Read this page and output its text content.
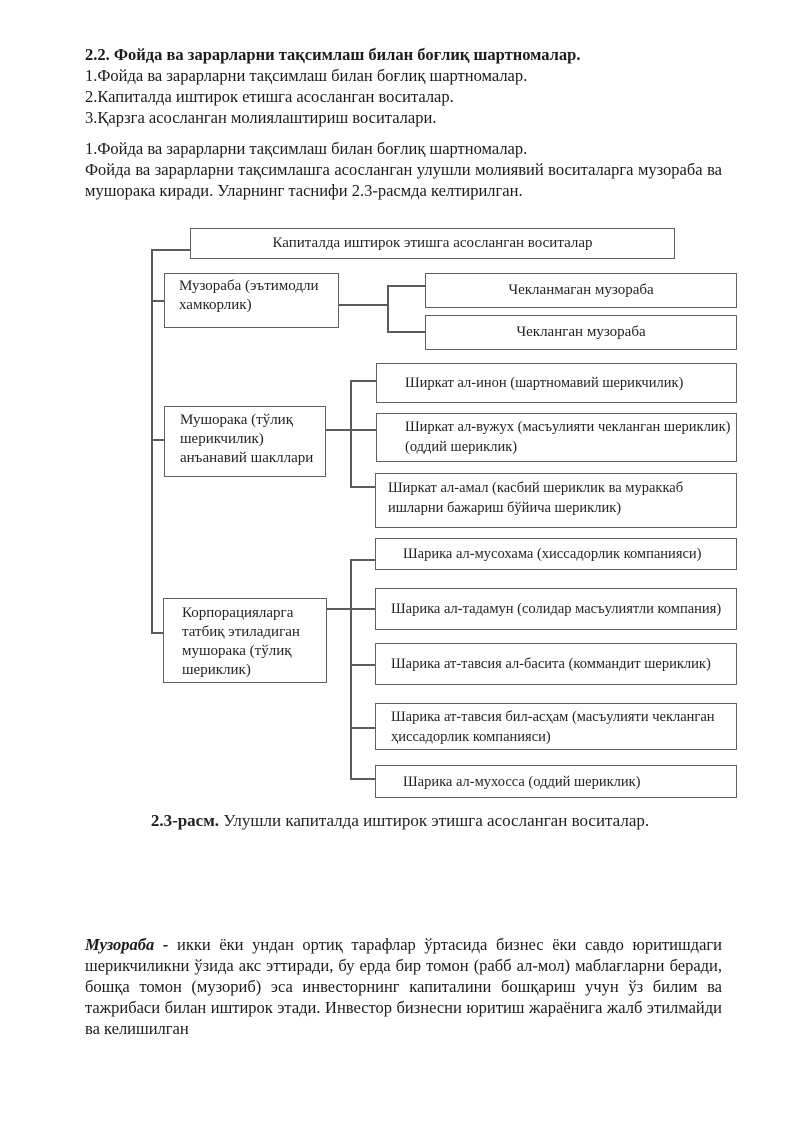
2.2. Фойда ва зарарларни тақсимлаш билан боғлиқ шартномалар.

1.Фойда ва зарарларни тақсимлаш билан боғлиқ шартномалар.

2.Капиталда иштирок етишга асосланган воситалар.

3.Қарзга асосланган молиялаштириш воситалари.

1.Фойда ва зарарларни тақсимлаш билан боғлиқ шартномалар.

Фойда ва зарарларни тақсимлашга асосланган улушли молиявий воситаларга музораба ва мушорака киради. Уларнинг таснифи 2.3-расмда келтирилган.

Капиталда иштирок этишга асосланган воситалар
Музораба (эътимодли хамкорлик)
Чекланмаган музораба
Чекланган музораба
Ширкат ал-инон (шартномавий шерикчилик)
Ширкат ал-вужух (масъулияти чекланган шериклик) (оддий шериклик)
Ширкат ал-амал (касбий шериклик ва мураккаб ишларни бажариш бўйича шериклик)
Мушорака (тўлиқ шерикчилик) анъанавий шакллари
Корпорацияларга татбиқ этиладиган мушорака (тўлиқ шериклик)
Шарика ал-мусохама (хиссадорлик компанияси)
Шарика ал-тадамун (солидар масъулиятли компания)
Шарика ат-тавсия ал-басита (коммандит шериклик)
Шарика ат-тавсия бил-асҳам (масъулияти чекланган ҳиссадорлик компанияси)
Шарика ал-мухосса (оддий шериклик)
2.3-расм. Улушли капиталда иштирок этишга асосланган воситалар.

Музораба - икки ёки ундан ортиқ тарафлар ўртасида бизнес ёки савдо юритишдаги шерикчиликни ўзида акс эттиради, бу ерда бир томон (рабб ал-мол) маблағларни беради, бошқа томон (музориб) эса инвесторнинг капиталини бошқариш учун ўз билим ва тажрибаси билан иштирок этади. Инвестор бизнесни юритиш жараёнига жалб этилмайди ва келишилган
